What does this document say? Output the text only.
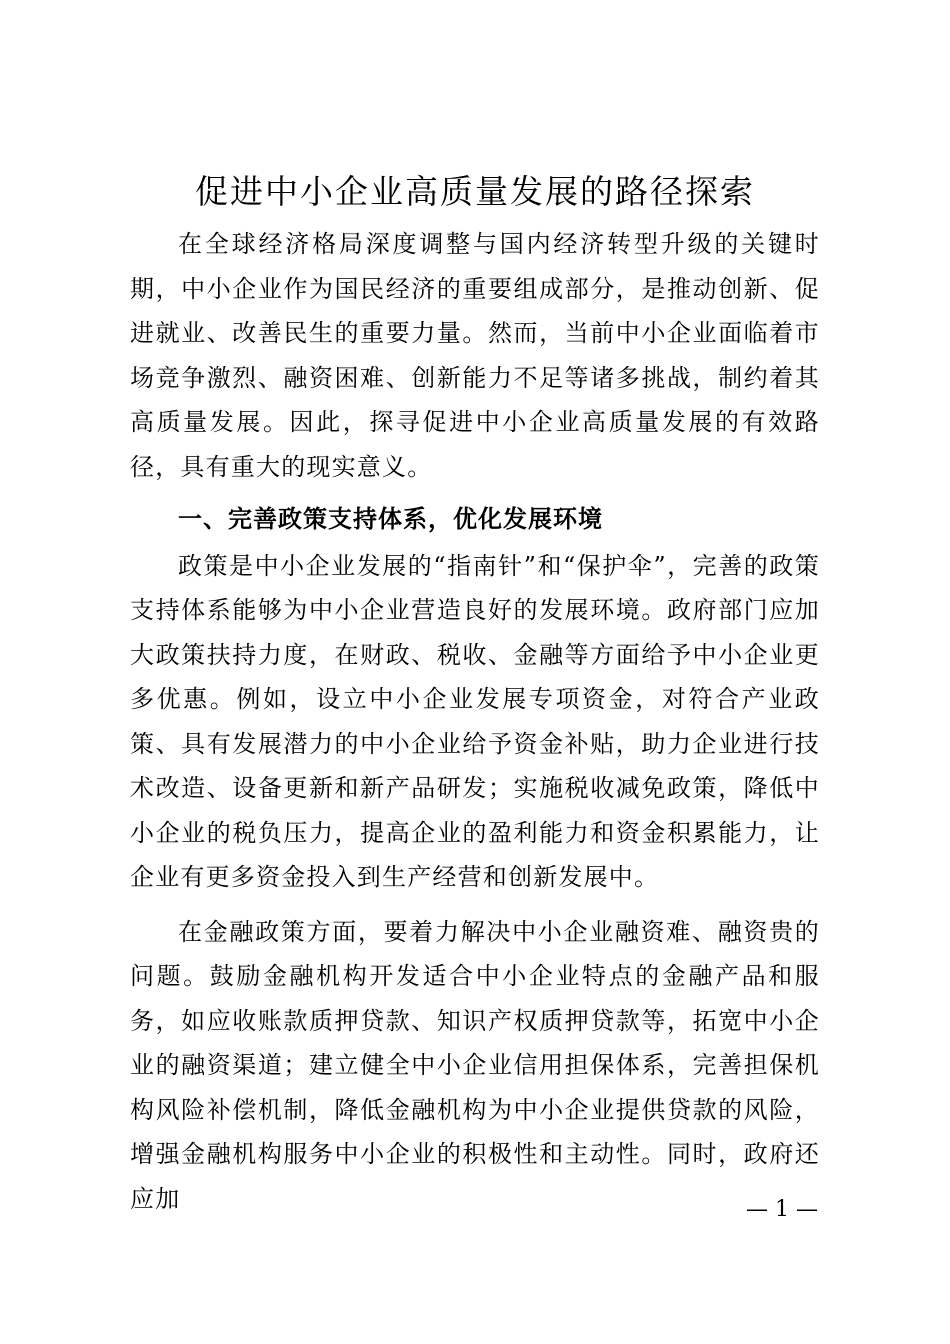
促进中小企业高质量发展的路径探索

在全球经济格局深度调整与国内经济转型升级的关键时期，中小企业作为国民经济的重要组成部分，是推动创新、促进就业、改善民生的重要力量。然而，当前中小企业面临着市场竞争激烈、融资困难、创新能力不足等诸多挑战，制约着其高质量发展。因此，探寻促进中小企业高质量发展的有效路径，具有重大的现实意义。

一、完善政策支持体系，优化发展环境

政策是中小企业发展的“指南针”和“保护伞”，完善的政策支持体系能够为中小企业营造良好的发展环境。政府部门应加大政策扶持力度，在财政、税收、金融等方面给予中小企业更多优惠。例如，设立中小企业发展专项资金，对符合产业政策、具有发展潜力的中小企业给予资金补贴，助力企业进行技术改造、设备更新和新产品研发；实施税收减免政策，降低中小企业的税负压力，提高企业的盈利能力和资金积累能力，让企业有更多资金投入到生产经营和创新发展中。

在金融政策方面，要着力解决中小企业融资难、融资贵的问题。鼓励金融机构开发适合中小企业特点的金融产品和服务，如应收账款质押贷款、知识产权质押贷款等，拓宽中小企业的融资渠道；建立健全中小企业信用担保体系，完善担保机构风险补偿机制，降低金融机构为中小企业提供贷款的风险，增强金融机构服务中小企业的积极性和主动性。同时，政府还应加	— 1 —
